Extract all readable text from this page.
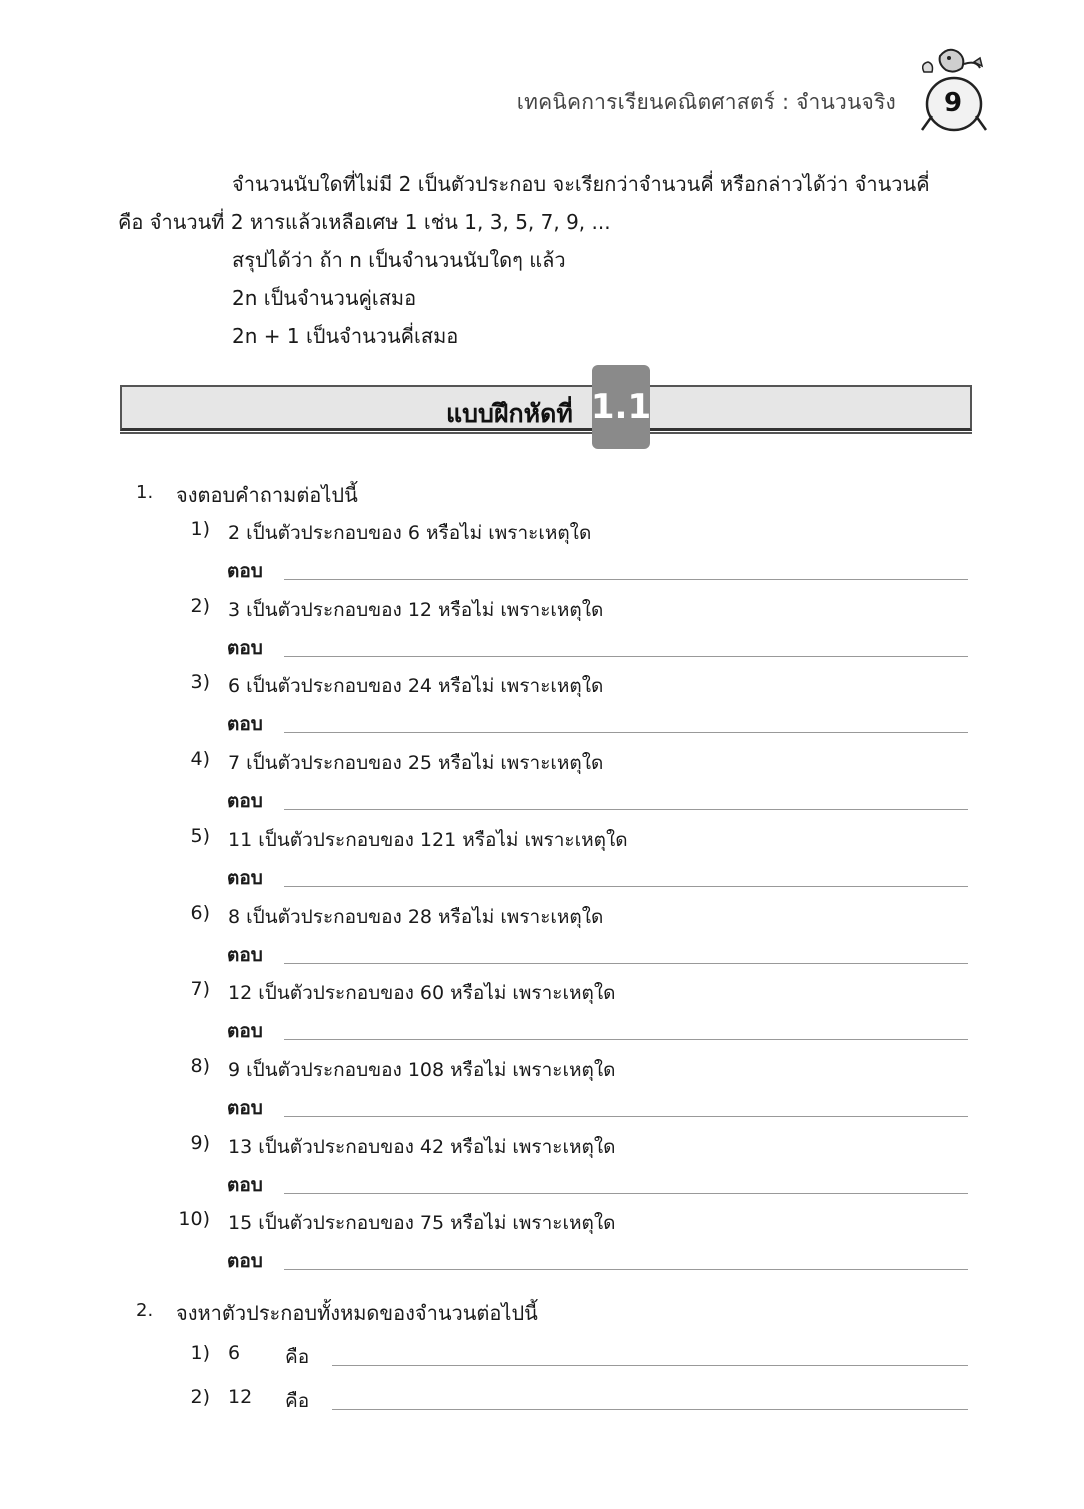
เทคนิคการเรียนคณิตศาสตร์ : จำนวนจริง	9
จำนวนนับใดที่ไม่มี 2 เป็นตัวประกอบ จะเรียกว่าจำนวนคี่ หรือกล่าวได้ว่า จำนวนคี่
คือ จำนวนที่ 2 หารแล้วเหลือเศษ 1 เช่น 1, 3, 5, 7, 9, ...
สรุปได้ว่า ถ้า n เป็นจำนวนนับใดๆ แล้ว
2n เป็นจำนวนคู่เสมอ
2n + 1 เป็นจำนวนคี่เสมอ
แบบฝึกหัดที่ 1.1
1. จงตอบคำถามต่อไปนี้
1) 2 เป็นตัวประกอบของ 6 หรือไม่ เพราะเหตุใด
ตอบ
2) 3 เป็นตัวประกอบของ 12 หรือไม่ เพราะเหตุใด
ตอบ
3) 6 เป็นตัวประกอบของ 24 หรือไม่ เพราะเหตุใด
ตอบ
4) 7 เป็นตัวประกอบของ 25 หรือไม่ เพราะเหตุใด
ตอบ
5) 11 เป็นตัวประกอบของ 121 หรือไม่ เพราะเหตุใด
ตอบ
6) 8 เป็นตัวประกอบของ 28 หรือไม่ เพราะเหตุใด
ตอบ
7) 12 เป็นตัวประกอบของ 60 หรือไม่ เพราะเหตุใด
ตอบ
8) 9 เป็นตัวประกอบของ 108 หรือไม่ เพราะเหตุใด
ตอบ
9) 13 เป็นตัวประกอบของ 42 หรือไม่ เพราะเหตุใด
ตอบ
10) 15 เป็นตัวประกอบของ 75 หรือไม่ เพราะเหตุใด
ตอบ
2. จงหาตัวประกอบทั้งหมดของจำนวนต่อไปนี้
1) 6 คือ
2) 12 คือ
